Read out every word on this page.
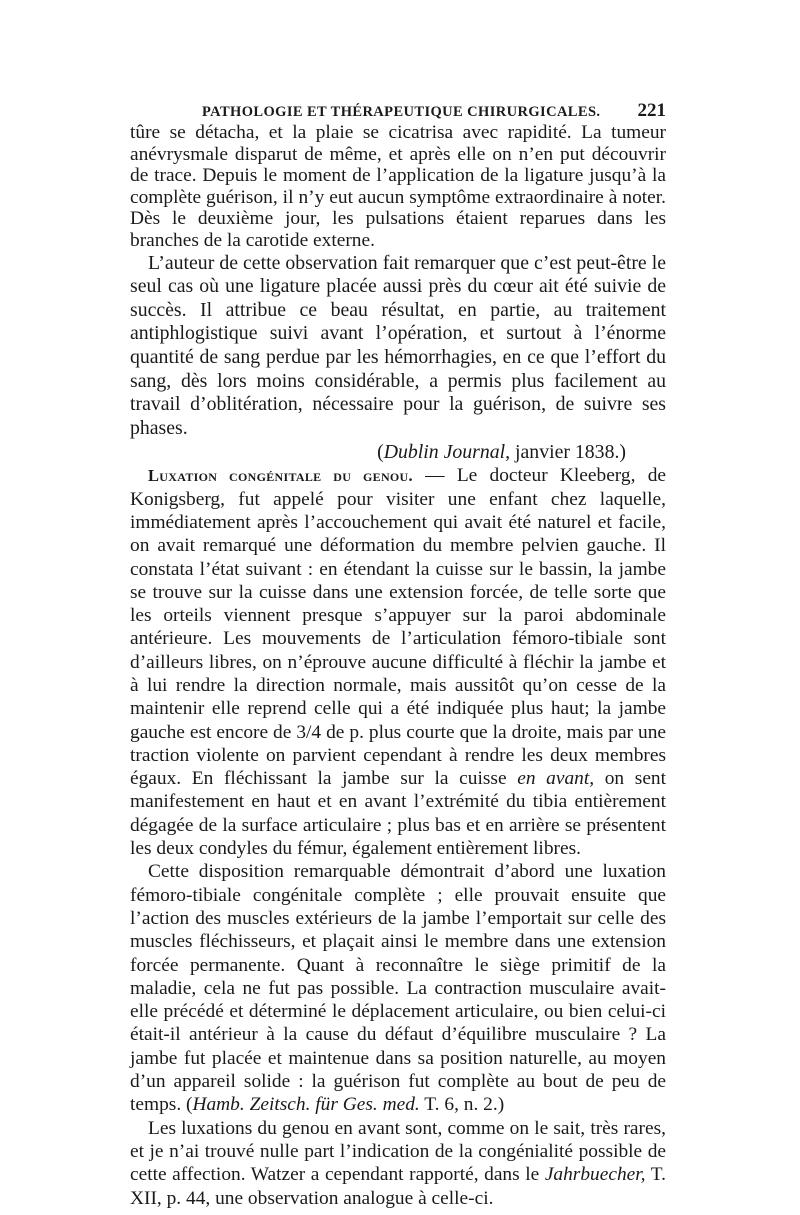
PATHOLOGIE ET THÉRAPEUTIQUE CHIRURGICALES. 221

tûre se détacha, et la plaie se cicatrisa avec rapidité. La tumeur anévrysmale disparut de même, et après elle on n’en put découvrir de trace. Depuis le moment de l’application de la ligature jusqu’à la complète guérison, il n’y eut aucun symptôme extraordinaire à noter. Dès le deuxième jour, les pulsations étaient reparues dans les branches de la carotide externe.

L’auteur de cette observation fait remarquer que c’est peut-être le seul cas où une ligature placée aussi près du cœur ait été suivie de succès. Il attribue ce beau résultat, en partie, au traitement antiphlogistique suivi avant l’opération, et surtout à l’énorme quantité de sang perdue par les hémorrhagies, en ce que l’effort du sang, dès lors moins considérable, a permis plus facilement au travail d’oblitération, nécessaire pour la guérison, de suivre ses phases.

(Dublin Journal, janvier 1838.)

Luxation congénitale du genou. — Le docteur Kleeberg, de Konigsberg, fut appelé pour visiter une enfant chez laquelle, immédiatement après l’accouchement qui avait été naturel et facile, on avait remarqué une déformation du membre pelvien gauche. Il constata l’état suivant : en étendant la cuisse sur le bassin, la jambe se trouve sur la cuisse dans une extension forcée, de telle sorte que les orteils viennent presque s’appuyer sur la paroi abdominale antérieure. Les mouvements de l’articulation fémoro-tibiale sont d’ailleurs libres, on n’éprouve aucune difficulté à fléchir la jambe et à lui rendre la direction normale, mais aussitôt qu’on cesse de la maintenir elle reprend celle qui a été indiquée plus haut; la jambe gauche est encore de 3/4 de p. plus courte que la droite, mais par une traction violente on parvient cependant à rendre les deux membres égaux. En fléchissant la jambe sur la cuisse en avant, on sent manifestement en haut et en avant l’extrémité du tibia entièrement dégagée de la surface articulaire ; plus bas et en arrière se présentent les deux condyles du fémur, également entièrement libres.

Cette disposition remarquable démontrait d’abord une luxation fémoro-tibiale congénitale complète ; elle prouvait ensuite que l’action des muscles extérieurs de la jambe l’emportait sur celle des muscles fléchisseurs, et plaçait ainsi le membre dans une extension forcée permanente. Quant à reconnaître le siège primitif de la maladie, cela ne fut pas possible. La contraction musculaire avait-elle précédé et déterminé le déplacement articulaire, ou bien celui-ci était-il antérieur à la cause du défaut d’équilibre musculaire ? La jambe fut placée et maintenue dans sa position naturelle, au moyen d’un appareil solide : la guérison fut complète au bout de peu de temps. (Hamb. Zeitsch. für Ges. med. T. 6, n. 2.)

Les luxations du genou en avant sont, comme on le sait, très rares, et je n’ai trouvé nulle part l’indication de la congénialité possible de cette affection. Watzer a cependant rapporté, dans le Jahrbuecher, T. XII, p. 44, une observation analogue à celle-ci.
